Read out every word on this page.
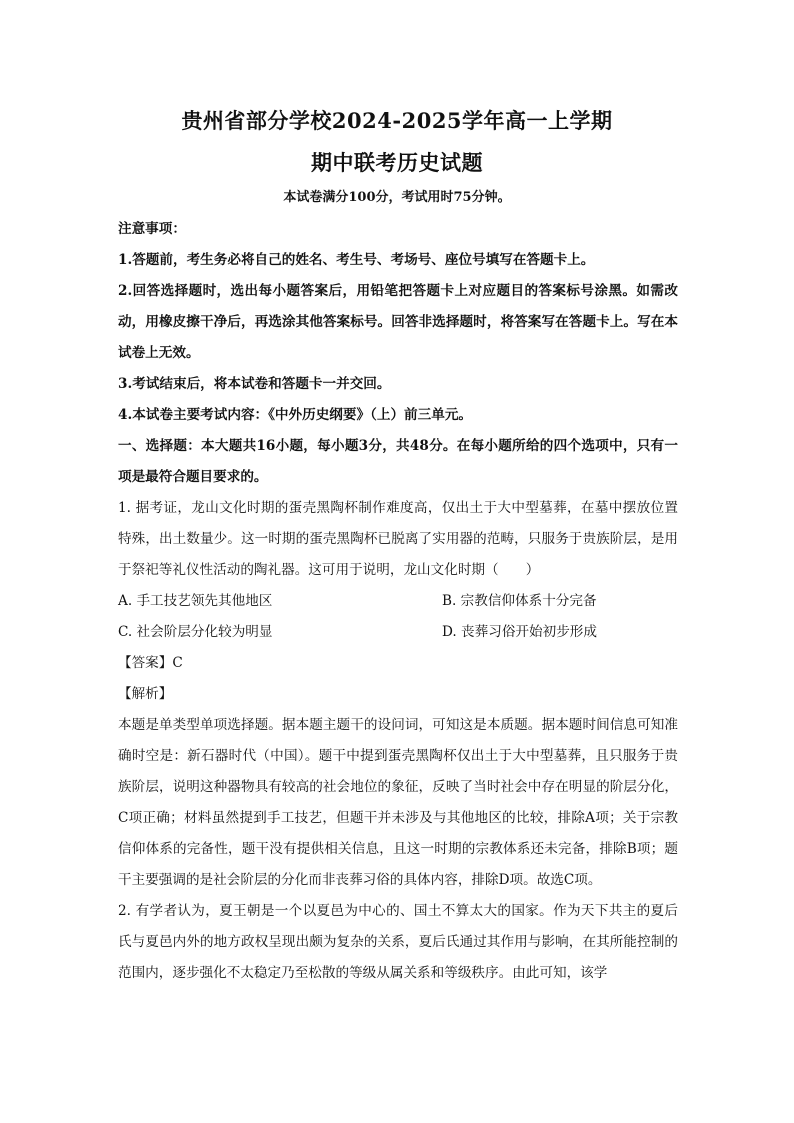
贵州省部分学校2024-2025学年高一上学期
期中联考历史试题
本试卷满分100分，考试用时75分钟。

注意事项：

1.答题前，考生务必将自己的姓名、考生号、考场号、座位号填写在答题卡上。

2.回答选择题时，选出每小题答案后，用铅笔把答题卡上对应题目的答案标号涂黑。如需改动，用橡皮擦干净后，再选涂其他答案标号。回答非选择题时，将答案写在答题卡上。写在本试卷上无效。

3.考试结束后，将本试卷和答题卡一并交回。

4.本试卷主要考试内容：《中外历史纲要》（上）前三单元。

一、选择题：本大题共16小题，每小题3分，共48分。在每小题所给的四个选项中，只有一项是最符合题目要求的。

1. 据考证，龙山文化时期的蛋壳黑陶杯制作难度高，仅出土于大中型墓葬，在墓中摆放位置特殊，出土数量少。这一时期的蛋壳黑陶杯已脱离了实用器的范畴，只服务于贵族阶层，是用于祭祀等礼仪性活动的陶礼器。这可用于说明，龙山文化时期（　　）

A. 手工技艺领先其他地区	B. 宗教信仰体系十分完备
C. 社会阶层分化较为明显	D. 丧葬习俗开始初步形成

【答案】C

【解析】

本题是单类型单项选择题。据本题主题干的设问词，可知这是本质题。据本题时间信息可知准确时空是：新石器时代（中国）。题干中提到蛋壳黑陶杯仅出土于大中型墓葬，且只服务于贵族阶层，说明这种器物具有较高的社会地位的象征，反映了当时社会中存在明显的阶层分化，C项正确；材料虽然提到手工技艺，但题干并未涉及与其他地区的比较，排除A项；关于宗教信仰体系的完备性，题干没有提供相关信息，且这一时期的宗教体系还未完备，排除B项；题干主要强调的是社会阶层的分化而非丧葬习俗的具体内容，排除D项。故选C项。

2. 有学者认为，夏王朝是一个以夏邑为中心的、国土不算太大的国家。作为天下共主的夏后氏与夏邑内外的地方政权呈现出颇为复杂的关系，夏后氏通过其作用与影响，在其所能控制的范围内，逐步强化不太稳定乃至松散的等级从属关系和等级秩序。由此可知，该学
